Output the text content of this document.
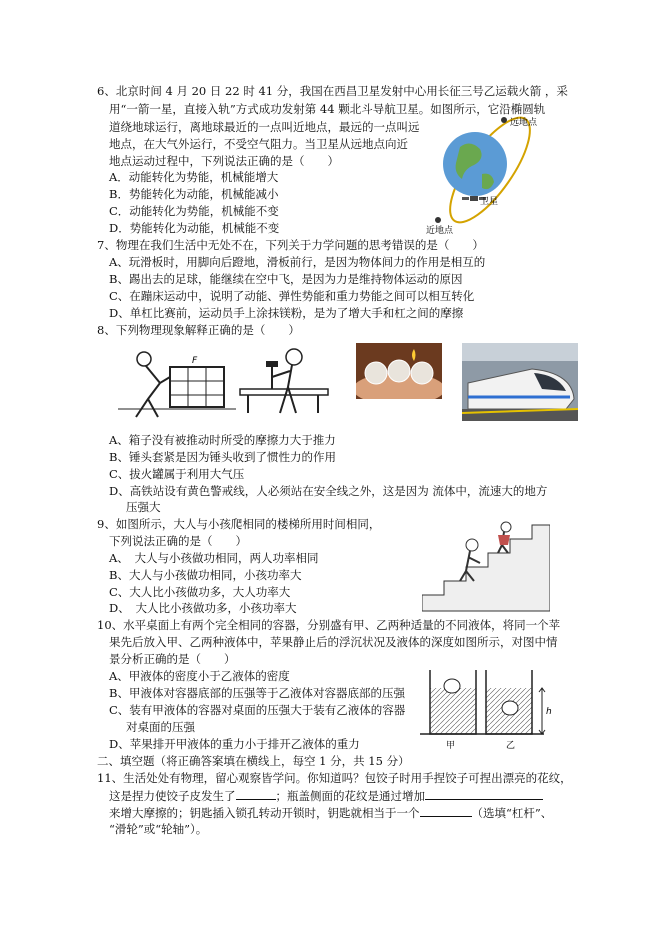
6、北京时间 4 月 20 日 22 时 41 分，我国在西昌卫星发射中心用长征三号乙运载火箭 ，采
用“一箭一星，直接入轨”方式成功发射第 44 颗北斗导航卫星。如图所示，它沿椭圆轨
道绕地球运行，离地球最近的一点叫近地点，最远的一点叫远
地点，在大气外运行，不受空气阻力。当卫星从远地点向近
地点运动过程中，下列说法正确的是（　　）
A．动能转化为势能，机械能增大
B．势能转化为动能，机械能减小
C．动能转化为势能，机械能不变
D．势能转化为动能，机械能不变
远地点
卫星
近地点
7、物理在我们生活中无处不在，下列关于力学问题的思考错误的是（　　）
A、玩滑板时，用脚向后蹬地，滑板前行，是因为物体间力的作用是相互的
B、踢出去的足球，能继续在空中飞，是因为力是维持物体运动的原因
C、在蹦床运动中，说明了动能、弹性势能和重力势能之间可以相互转化
D、单杠比赛前，运动员手上涂抹镁粉，是为了增大手和杠之间的摩擦
8、下列物理现象解释正确的是（　　）
F
A、箱子没有被推动时所受的摩擦力大于推力
B、锤头套紧是因为锤头收到了惯性力的作用
C、拔火罐属于利用大气压
D、高铁站设有黄色警戒线，人必须站在安全线之外，这是因为 流体中，流速大的地方
压强大
9、如图所示，大人与小孩爬相同的楼梯所用时间相同，
下列说法正确的是（　　）
A、　大人与小孩做功相同，两人功率相同
B、大人与小孩做功相同，小孩功率大
C、大人比小孩做功多，大人功率大
D、　大人比小孩做功多，小孩功率大
10、水平桌面上有两个完全相同的容器，分别盛有甲、乙两种适量的不同液体，将同一个苹
果先后放入甲、乙两种液体中，苹果静止后的浮沉状况及液体的深度如图所示，对图中情
景分析正确的是（　　）
A、甲液体的密度小于乙液体的密度
B、甲液体对容器底部的压强等于乙液体对容器底部的压强
C、装有甲液体的容器对桌面的压强大于装有乙液体的容器
对桌面的压强
D、苹果排开甲液体的重力小于排开乙液体的重力
h
甲	乙
二、填空题（将正确答案填在横线上，每空 1 分，共 15 分）
11、生活处处有物理，留心观察皆学问。你知道吗？包饺子时用手捏饺子可捏出漂亮的花纹，
这是捏力使饺子皮发生了	；瓶盖侧面的花纹是通过增加
来增大摩擦的；钥匙插入锁孔转动开锁时，钥匙就相当于一个	（选填“杠杆”、
“滑轮”或“轮轴”）。
